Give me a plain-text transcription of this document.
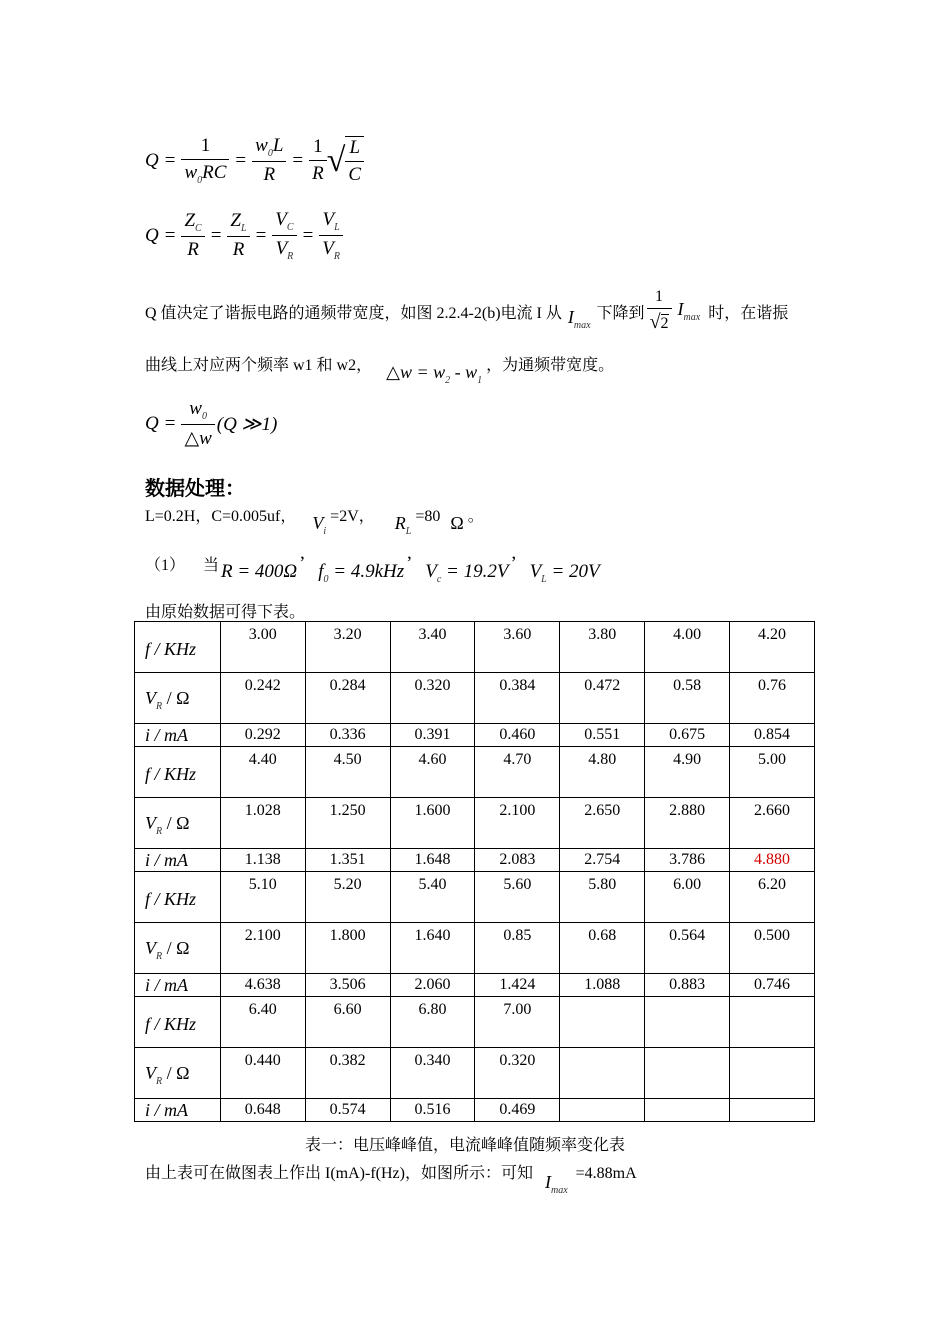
$Q = \frac{1}{w_0RC} = \frac{w_0L}{R} = \frac{1}{R}$ √ $\frac{L}{C}$
$Q = \frac{Z_C}{R} = \frac{Z_L}{R} = \frac{V_C}{V_R} = \frac{V_L}{V_R}$
Q 值决定了谐振电路的通频带宽度，如图 2.2.4-2(b)电流 I 从 $I_{max}$
下降到 $\frac{1}{√2} I_{max}$ 时，在谐振
曲线上对应两个频率 w1 和 w2， △w = $w_2 - w_1$ ，为通频带宽度。
$Q = \frac{w_0}{\triangle w} (Q$ ≫1)
数据处理：
L=0.2H，C=0.005uf， $V_i =2V$， $R_L =80$ Ω 。
（1） 当 R = 400Ω ’ $f_0 = 4.9kHz$ ’ $V_c = 19.2V$ ’ $V_L = 20V$
由原始数据可得下表。
f / KHz	3.00	3.20	3.40	3.60	3.80	4.00	4.20
$V_R$ / Ω	0.242	0.284	0.320	0.384	0.472	0.58	0.76
i / mA	0.292	0.336	0.391	0.460	0.551	0.675	0.854
f / KHz	4.40	4.50	4.60	4.70	4.80	4.90	5.00
$V_R$ / Ω	1.028	1.250	1.600	2.100	2.650	2.880	2.660
i / mA	1.138	1.351	1.648	2.083	2.754	3.786	4.880
f / KHz	5.10	5.20	5.40	5.60	5.80	6.00	6.20
$V_R$ / Ω	2.100	1.800	1.640	0.85	0.68	0.564	0.500
i / mA	4.638	3.506	2.060	1.424	1.088	0.883	0.746
f / KHz	6.40	6.60	6.80	7.00			
$V_R$ / Ω	0.440	0.382	0.340	0.320			
i / mA	0.648	0.574	0.516	0.469			
表一：电压峰峰值，电流峰峰值随频率变化表
由上表可在做图表上作出 I(mA)-f(Hz)，如图所示：可知 $I_{max} =4.88mA$
